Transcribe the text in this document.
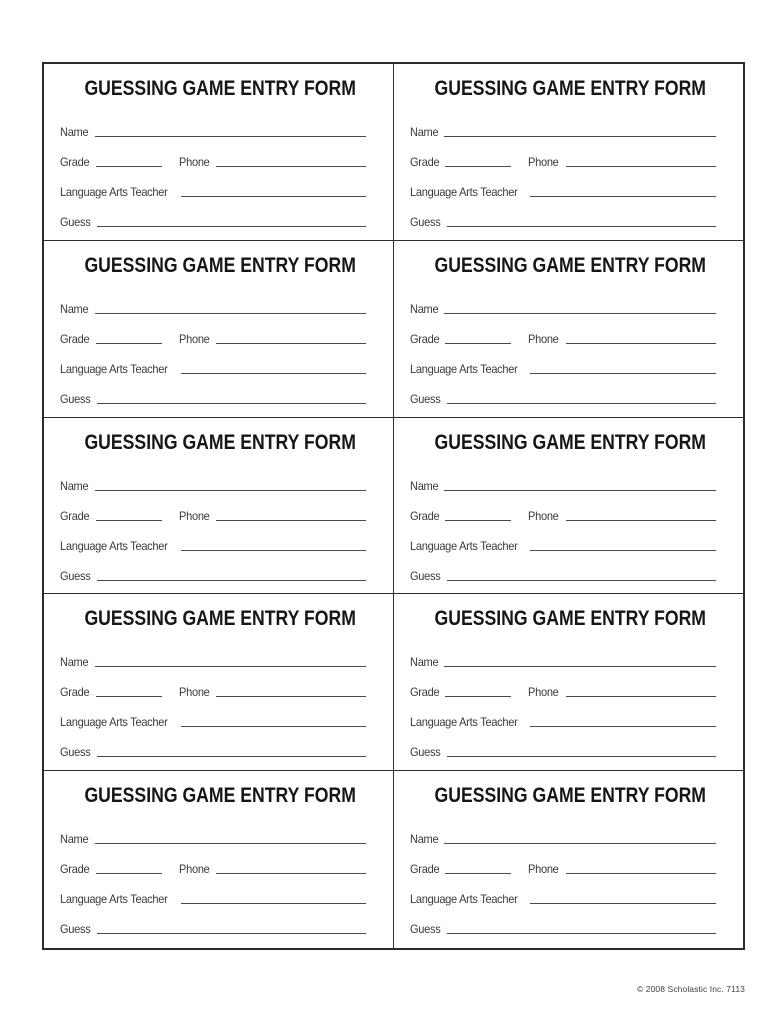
GUESSING GAME ENTRY FORM
Name
Grade	Phone
Language Arts Teacher
Guess
GUESSING GAME ENTRY FORM
Name
Grade	Phone
Language Arts Teacher
Guess
GUESSING GAME ENTRY FORM
Name
Grade	Phone
Language Arts Teacher
Guess
GUESSING GAME ENTRY FORM
Name
Grade	Phone
Language Arts Teacher
Guess
GUESSING GAME ENTRY FORM
Name
Grade	Phone
Language Arts Teacher
Guess
GUESSING GAME ENTRY FORM
Name
Grade	Phone
Language Arts Teacher
Guess
GUESSING GAME ENTRY FORM
Name
Grade	Phone
Language Arts Teacher
Guess
GUESSING GAME ENTRY FORM
Name
Grade	Phone
Language Arts Teacher
Guess
GUESSING GAME ENTRY FORM
Name
Grade	Phone
Language Arts Teacher
Guess
GUESSING GAME ENTRY FORM
Name
Grade	Phone
Language Arts Teacher
Guess
© 2008 Scholastic Inc. 7113
